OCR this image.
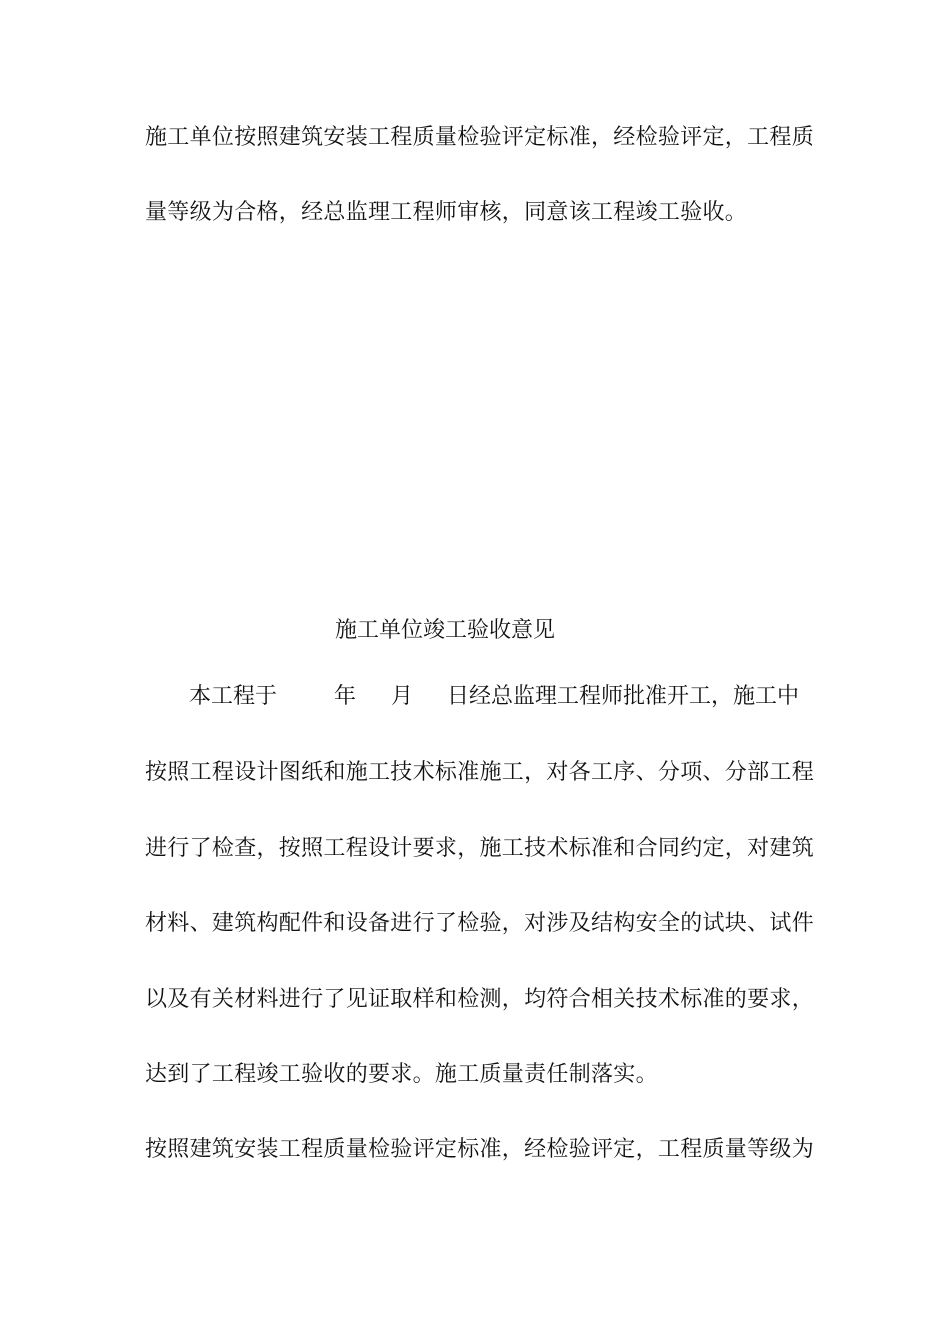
施工单位按照建筑安装工程质量检验评定标准，经检验评定，工程质

量等级为合格，经总监理工程师审核，同意该工程竣工验收。

施工单位竣工验收意见
本工程于	年 月 日经总监理工程师批准开工，施工中

按照工程设计图纸和施工技术标准施工，对各工序、分项、分部工程

进行了检查，按照工程设计要求，施工技术标准和合同约定，对建筑

材料、建筑构配件和设备进行了检验，对涉及结构安全的试块、试件

以及有关材料进行了见证取样和检测，均符合相关技术标准的要求，

达到了工程竣工验收的要求。施工质量责任制落实。

按照建筑安装工程质量检验评定标准，经检验评定，工程质量等级为
